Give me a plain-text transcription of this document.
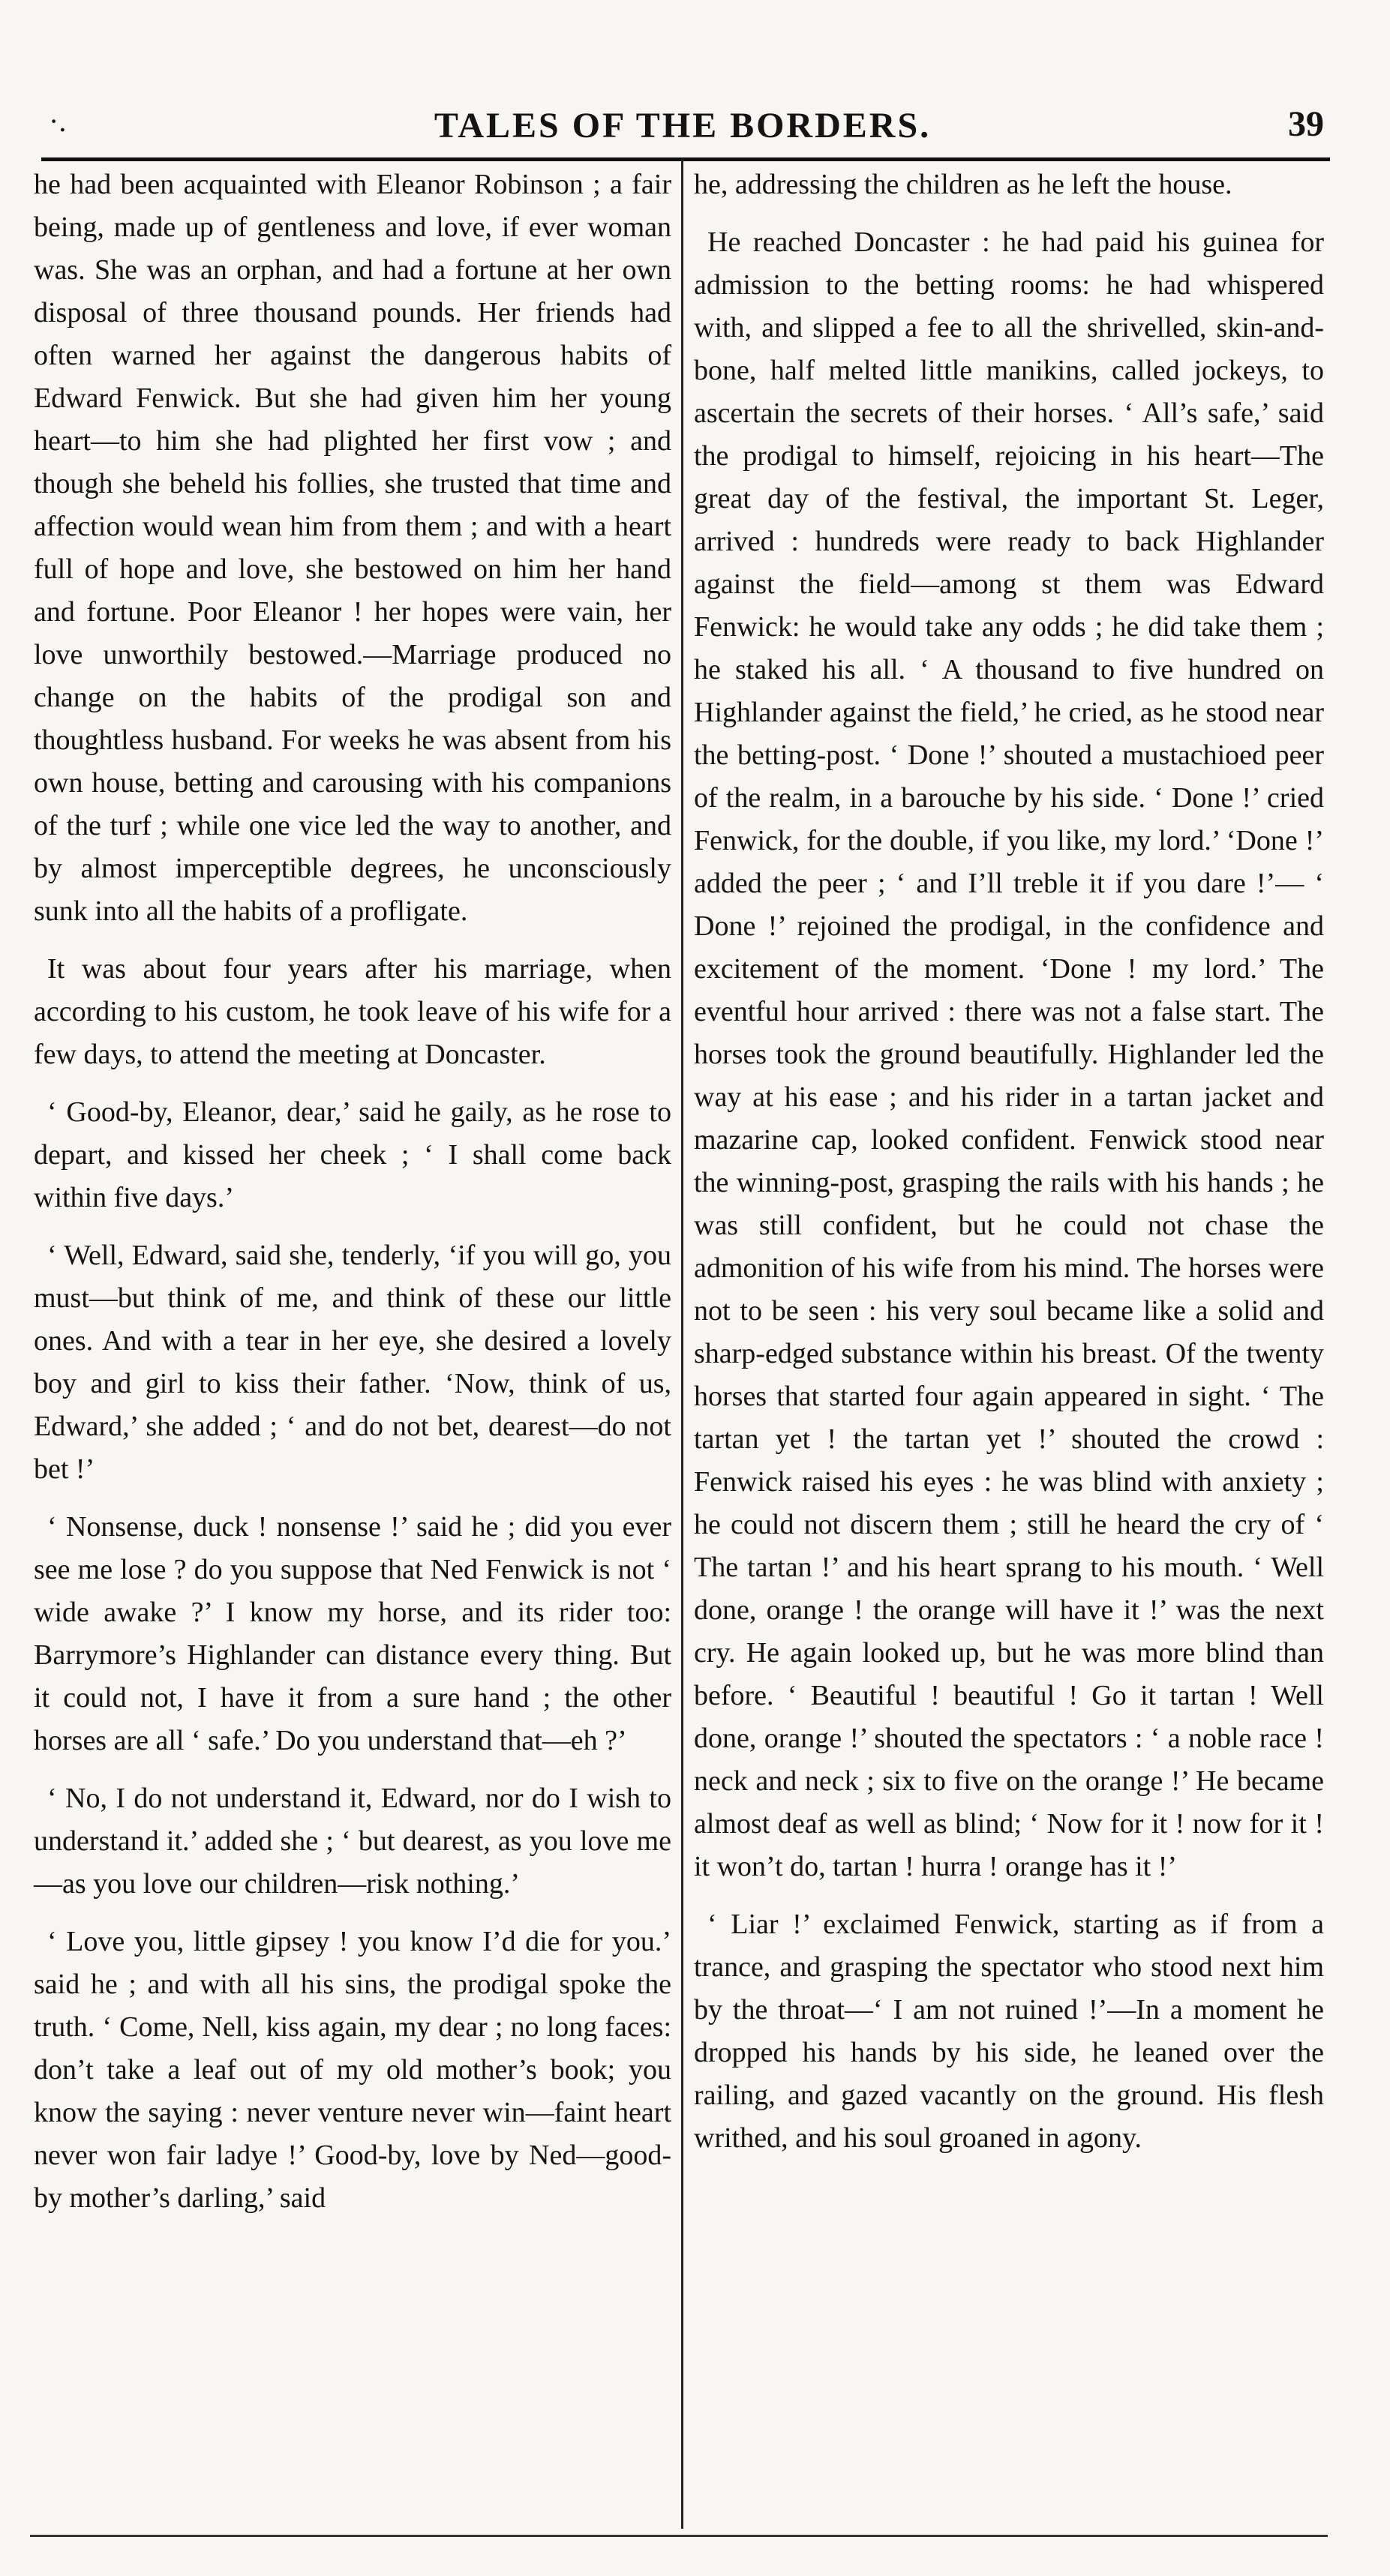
·.	TALES OF THE BORDERS.	39

he had been acquainted with Eleanor Robinson ; a fair being, made up of gentleness and love, if ever woman was. She was an orphan, and had a fortune at her own disposal of three thousand pounds. Her friends had often warned her against the dangerous habits of Edward Fenwick. But she had given him her young heart—to him she had plighted her first vow ; and though she beheld his follies, she trusted that time and affection would wean him from them ; and with a heart full of hope and love, she bestowed on him her hand and fortune. Poor Eleanor ! her hopes were vain, her love unworthily bestowed.—Marriage produced no change on the habits of the prodigal son and thoughtless husband. For weeks he was absent from his own house, betting and carousing with his companions of the turf ; while one vice led the way to another, and by almost imperceptible degrees, he unconsciously sunk into all the habits of a profligate.

It was about four years after his marriage, when according to his custom, he took leave of his wife for a few days, to attend the meeting at Doncaster.

‘ Good-by, Eleanor, dear,’ said he gaily, as he rose to depart, and kissed her cheek ; ‘ I shall come back within five days.’

‘ Well, Edward, said she, tenderly, ‘if you will go, you must—but think of me, and think of these our little ones. And with a tear in her eye, she desired a lovely boy and girl to kiss their father. ‘Now, think of us, Edward,’ she added ; ‘ and do not bet, dearest—do not bet !’

‘ Nonsense, duck ! nonsense !’ said he ; did you ever see me lose ? do you suppose that Ned Fenwick is not ‘ wide awake ?’ I know my horse, and its rider too: Barrymore’s Highlander can distance every thing. But it could not, I have it from a sure hand ; the other horses are all ‘ safe.’ Do you understand that—eh ?’

‘ No, I do not understand it, Edward, nor do I wish to understand it.’ added she ; ‘ but dearest, as you love me—as you love our children—risk nothing.’

‘ Love you, little gipsey ! you know I’d die for you.’ said he ; and with all his sins, the prodigal spoke the truth. ‘ Come, Nell, kiss again, my dear ; no long faces: don’t take a leaf out of my old mother’s book; you know the saying : never venture never win—faint heart never won fair ladye !’ Good-by, love by Ned—good-by mother’s darling,’ said

he, addressing the children as he left the house.

He reached Doncaster : he had paid his guinea for admission to the betting rooms: he had whispered with, and slipped a fee to all the shrivelled, skin-and-bone, half melted little manikins, called jockeys, to ascertain the secrets of their horses. ‘ All’s safe,’ said the prodigal to himself, rejoicing in his heart—The great day of the festival, the important St. Leger, arrived : hundreds were ready to back Highlander against the field—among st them was Edward Fenwick: he would take any odds ; he did take them ; he staked his all. ‘ A thousand to five hundred on Highlander against the field,’ he cried, as he stood near the betting-post. ‘ Done !’ shouted a mustachioed peer of the realm, in a barouche by his side. ‘ Done !’ cried Fenwick, for the double, if you like, my lord.’ ‘Done !’ added the peer ; ‘ and I’ll treble it if you dare !’— ‘ Done !’ rejoined the prodigal, in the confidence and excitement of the moment. ‘Done ! my lord.’ The eventful hour arrived : there was not a false start. The horses took the ground beautifully. Highlander led the way at his ease ; and his rider in a tartan jacket and mazarine cap, looked confident. Fenwick stood near the winning-post, grasping the rails with his hands ; he was still confident, but he could not chase the admonition of his wife from his mind. The horses were not to be seen : his very soul became like a solid and sharp-edged substance within his breast. Of the twenty horses that started four again appeared in sight. ‘ The tartan yet ! the tartan yet !’ shouted the crowd : Fenwick raised his eyes : he was blind with anxiety ; he could not discern them ; still he heard the cry of ‘ The tartan !’ and his heart sprang to his mouth. ‘ Well done, orange ! the orange will have it !’ was the next cry. He again looked up, but he was more blind than before. ‘ Beautiful ! beautiful ! Go it tartan ! Well done, orange !’ shouted the spectators : ‘ a noble race ! neck and neck ; six to five on the orange !’ He became almost deaf as well as blind; ‘ Now for it ! now for it ! it won’t do, tartan ! hurra ! orange has it !’

‘ Liar !’ exclaimed Fenwick, starting as if from a trance, and grasping the spectator who stood next him by the throat—‘ I am not ruined !’—In a moment he dropped his hands by his side, he leaned over the railing, and gazed vacantly on the ground. His flesh writhed, and his soul groaned in agony.
